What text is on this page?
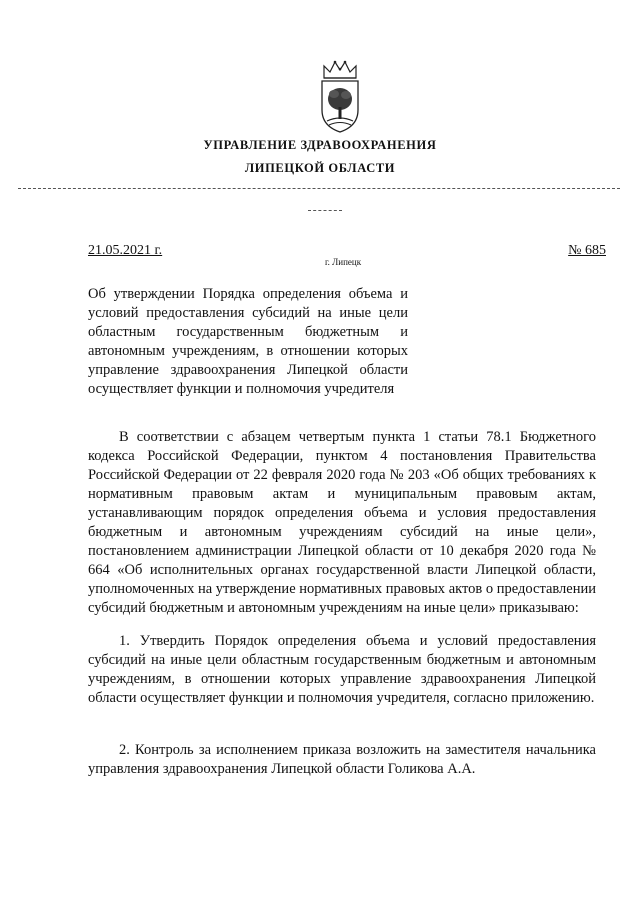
УПРАВЛЕНИЕ ЗДРАВООХРАНЕНИЯ
ЛИПЕЦКОЙ ОБЛАСТИ
21.05.2021 г.	№ 685
г. Липецк
Об утверждении Порядка определения объема и условий предоставления субсидий на иные цели областным государственным бюджетным и автономным учреждениям, в отношении которых управление здравоохранения Липецкой области осуществляет функции и полномочия учредителя
В соответствии с абзацем четвертым пункта 1 статьи 78.1 Бюджетного кодекса Российской Федерации, пунктом 4 постановления Правительства Российской Федерации от 22 февраля 2020 года № 203 «Об общих требованиях к нормативным правовым актам и муниципальным правовым актам, устанавливающим порядок определения объема и условия предоставления бюджетным и автономным учреждениям субсидий на иные цели», постановлением администрации Липецкой области от 10 декабря 2020 года № 664 «Об исполнительных органах государственной власти Липецкой области, уполномоченных на утверждение нормативных правовых актов о предоставлении субсидий бюджетным и автономным учреждениям на иные цели» приказываю:
1. Утвердить Порядок определения объема и условий предоставления субсидий на иные цели областным государственным бюджетным и автономным учреждениям, в отношении которых управление здравоохранения Липецкой области осуществляет функции и полномочия учредителя, согласно приложению.
2. Контроль за исполнением приказа возложить на заместителя начальника управления здравоохранения Липецкой области Голикова А.А.
